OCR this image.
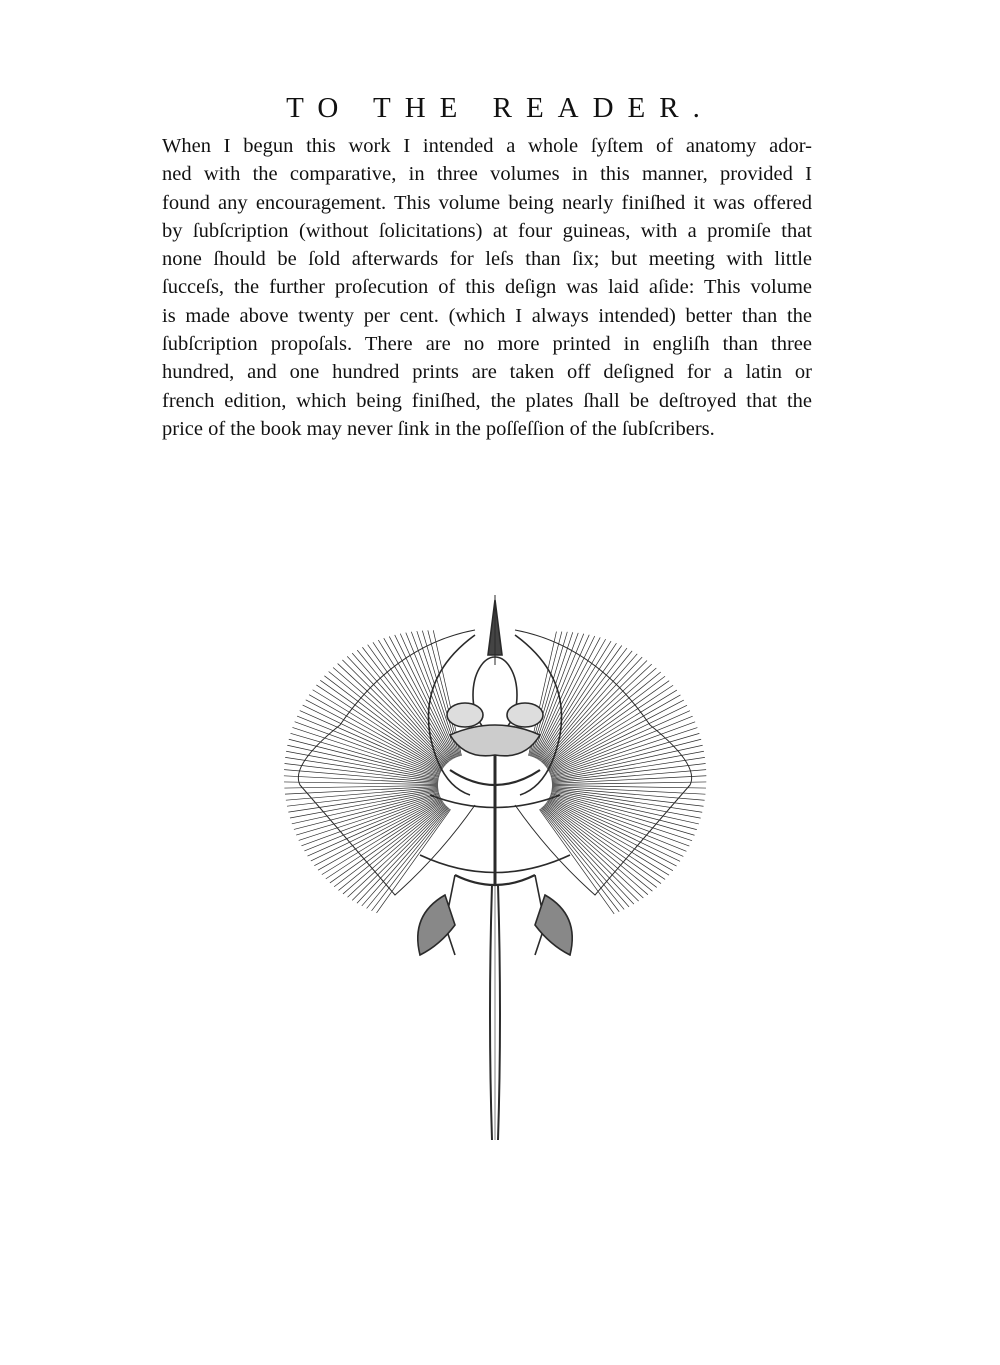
TO THE READER.
When I begun this work I intended a whole ſyſtem of anatomy ador-
ned with the comparative, in three volumes in this manner, provided I
found any encouragement. This volume being nearly finiſhed it was offered
by ſubſcription (without ſolicitations) at four guineas, with a promiſe that
none ſhould be ſold afterwards for leſs than ſix; but meeting with little
ſucceſs, the further proſecution of this deſign was laid aſide: This volume
is made above twenty per cent. (which I always intended) better than the
ſubſcription propoſals. There are no more printed in engliſh than three
hundred, and one hundred prints are taken off deſigned for a latin or
french edition, which being finiſhed, the plates ſhall be deſtroyed that the
price of the book may never ſink in the poſſeſſion of the ſubſcribers.
